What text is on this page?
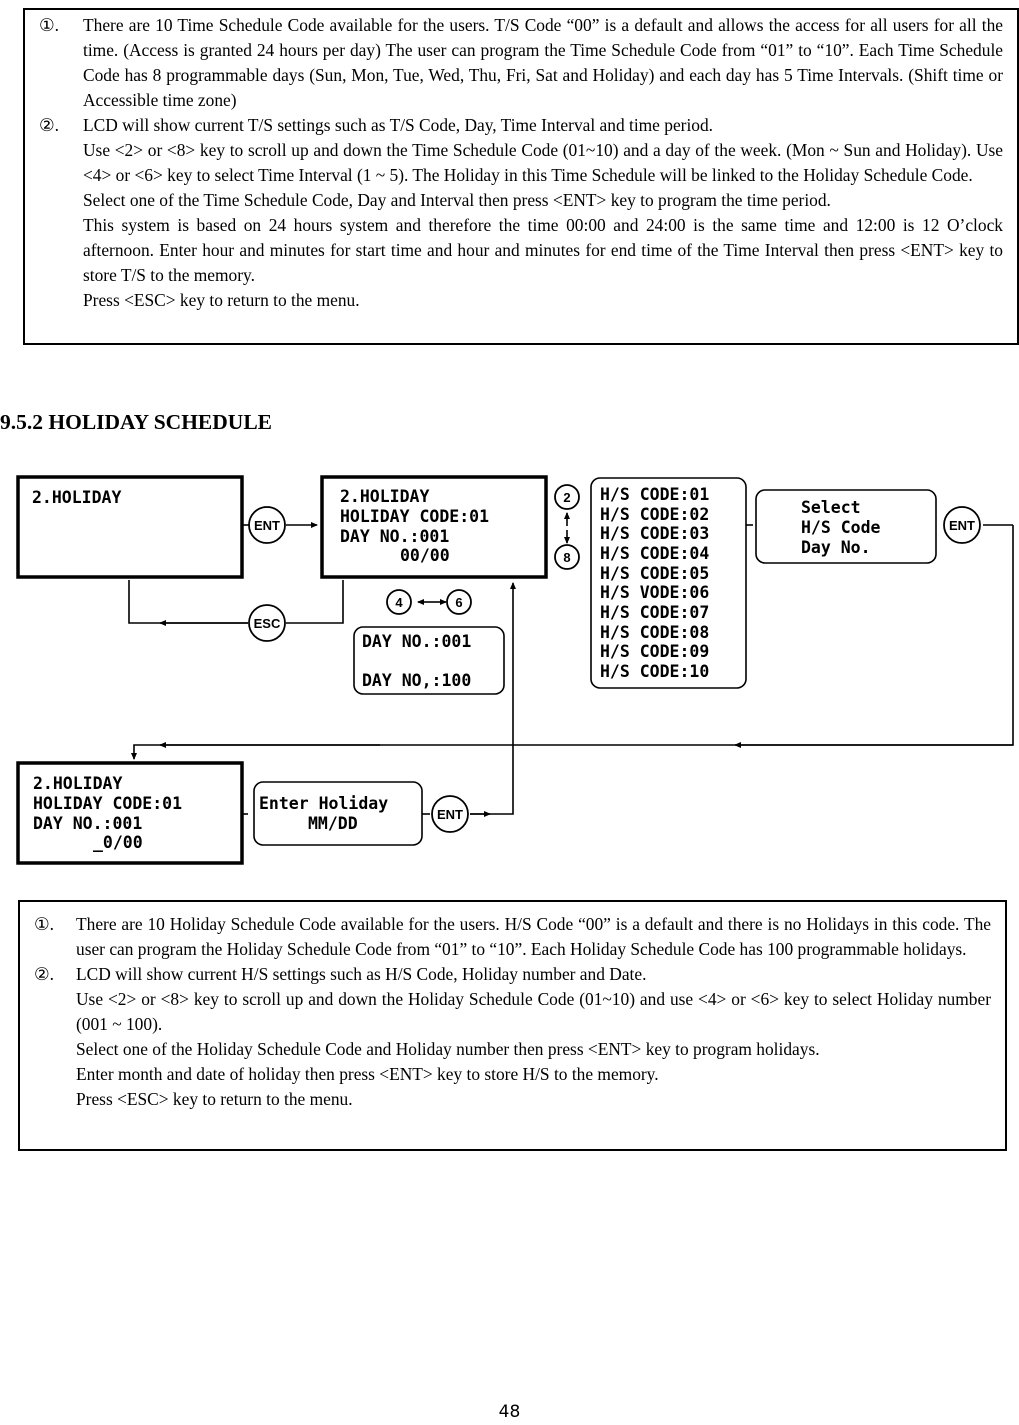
①. There are 10 Time Schedule Code available for the users. T/S Code “00” is a default and allows the access for all users for all the time. (Access is granted 24 hours per day) The user can program the Time Schedule Code from “01” to “10”. Each Time Schedule Code has 8 programmable days (Sun, Mon, Tue, Wed, Thu, Fri, Sat and Holiday) and each day has 5 Time Intervals. (Shift time or Accessible time zone)

②. LCD will show current T/S settings such as T/S Code, Day, Time Interval and time period.

Use <2> or <8> key to scroll up and down the Time Schedule Code (01~10) and a day of the week. (Mon ~ Sun and Holiday). Use <4> or <6> key to select Time Interval (1 ~ 5). The Holiday in this Time Schedule will be linked to the Holiday Schedule Code.

Select one of the Time Schedule Code, Day and Interval then press <ENT> key to program the time period.

This system is based on 24 hours system and therefore the time 00:00 and 24:00 is the same time and 12:00 is 12 O’clock afternoon. Enter hour and minutes for start time and hour and minutes for end time of the Time Interval then press <ENT> key to store T/S to the memory.

Press <ESC> key to return to the menu.

9.5.2 HOLIDAY SCHEDULE
2.HOLIDAY
ENT
2.HOLIDAY
HOLIDAY CODE:01
DAY NO.:001
00/00
2
8
H/S CODE:01
H/S CODE:02
H/S CODE:03
H/S CODE:04
H/S CODE:05
H/S VODE:06
H/S CODE:07
H/S CODE:08
H/S CODE:09
H/S CODE:10
Select
H/S Code
Day No.
ENT
ESC
4	6
DAY NO.:001
DAY NO,:100
2.HOLIDAY
HOLIDAY CODE:01
DAY NO.:001
_0/00
Enter Holiday
MM/DD	ENT
①. There are 10 Holiday Schedule Code available for the users. H/S Code “00” is a default and there is no Holidays in this code. The user can program the Holiday Schedule Code from “01” to “10”. Each Holiday Schedule Code has 100 programmable holidays.

②. LCD will show current H/S settings such as H/S Code, Holiday number and Date.

Use <2> or <8> key to scroll up and down the Holiday Schedule Code (01~10) and use <4> or <6> key to select Holiday number (001 ~ 100).

Select one of the Holiday Schedule Code and Holiday number then press <ENT> key to program holidays.

Enter month and date of holiday then press <ENT> key to store H/S to the memory.

Press <ESC> key to return to the menu.

48
